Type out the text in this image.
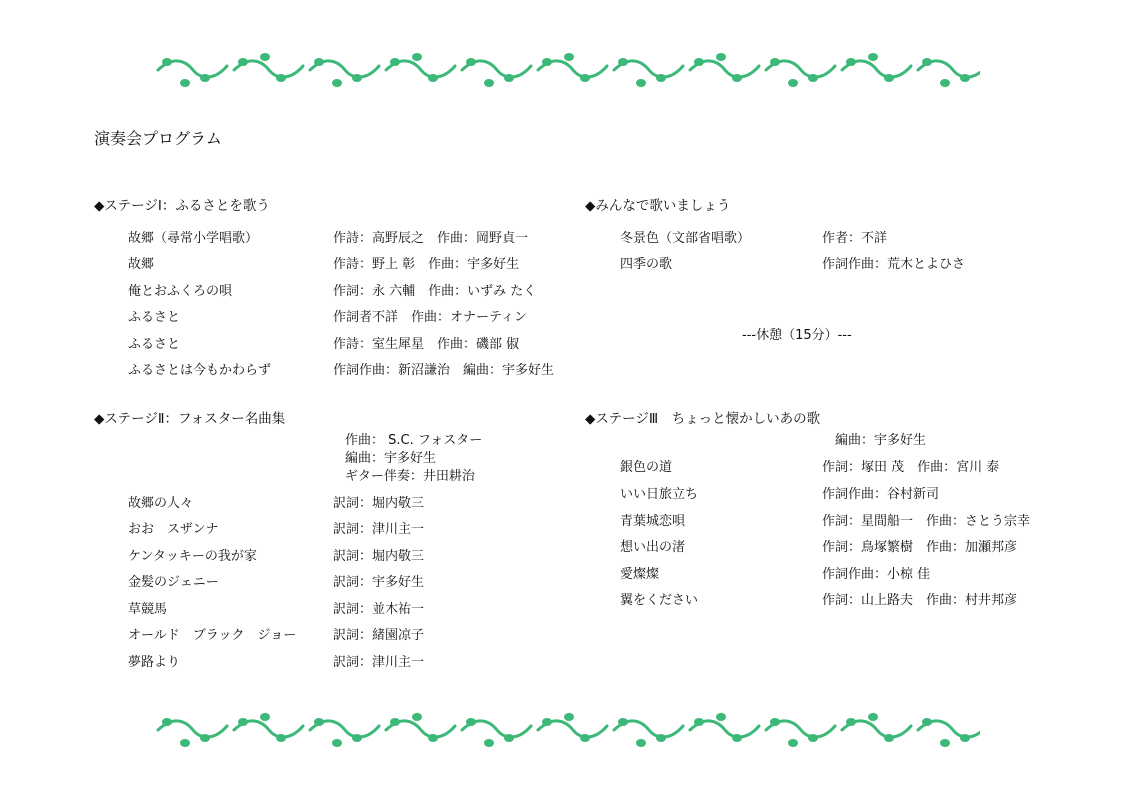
演奏会プログラム
◆ステージⅠ：ふるさとを歌う
故郷（尋常小学唱歌）	作詩：高野辰之　作曲：岡野貞一
故郷	作詩：野上 彰　作曲：宇多好生
俺とおふくろの唄	作詞：永 六輔　作曲：いずみ たく
ふるさと	作詞者不詳　作曲：オナーティン
ふるさと	作詩：室生犀星　作曲：磯部 俶
ふるさとは今もかわらず	作詞作曲：新沼謙治　編曲：宇多好生
◆ステージⅡ：フォスター名曲集
作曲： S.C. フォスター
編曲：宇多好生
ギター伴奏：井田耕治
故郷の人々	訳詞：堀内敬三
おお　スザンナ	訳詞：津川主一
ケンタッキーの我が家	訳詞：堀内敬三
金髪のジェニー	訳詞：宇多好生
草競馬	訳詞：並木祐一
オールド　ブラック　ジョー	訳詞：緒園凉子
夢路より	訳詞：津川主一
◆みんなで歌いましょう
冬景色（文部省唱歌）	作者：不詳
四季の歌	作詞作曲：荒木とよひさ
---休憩（15分）---
◆ステージⅢ　ちょっと懐かしいあの歌
編曲：宇多好生
銀色の道	作詞：塚田 茂　作曲：宮川 泰
いい日旅立ち	作詞作曲：谷村新司
青葉城恋唄	作詞：星間船一　作曲：さとう宗幸
想い出の渚	作詞：鳥塚繁樹　作曲：加瀬邦彦
愛燦燦	作詞作曲：小椋 佳
翼をください	作詞：山上路夫　作曲：村井邦彦
